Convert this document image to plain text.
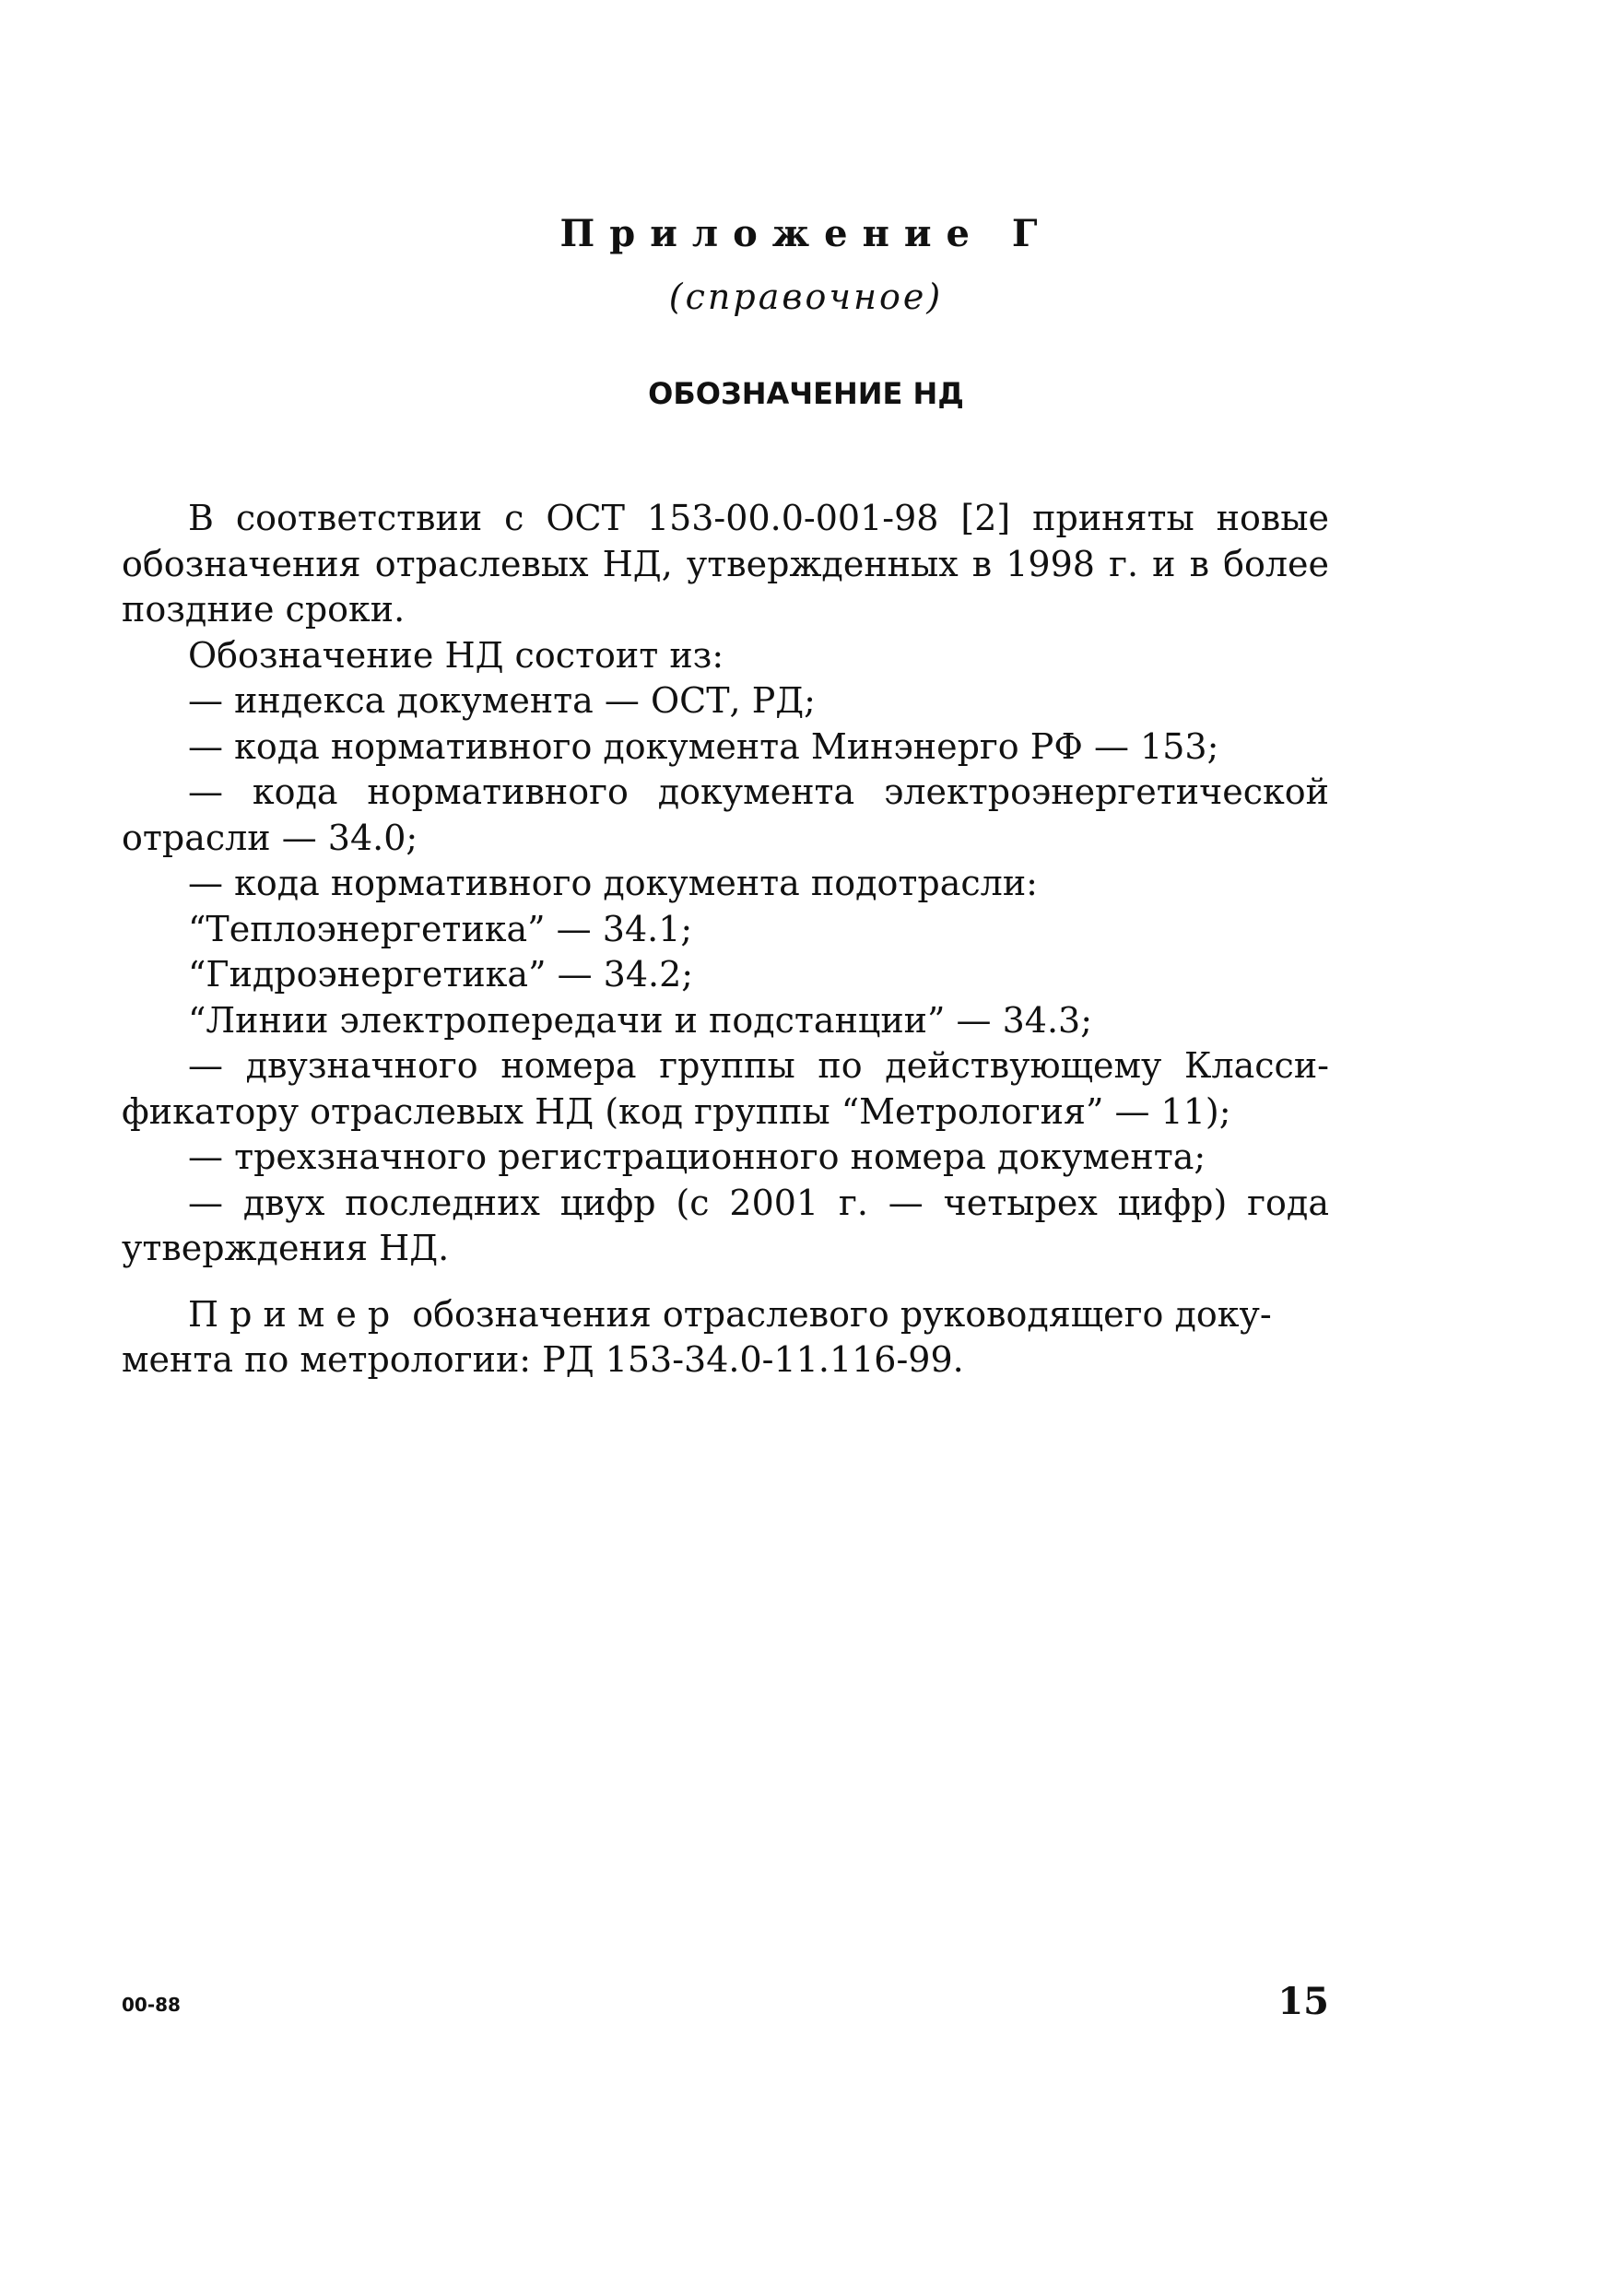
Приложение Г
(справочное)
ОБОЗНАЧЕНИЕ НД
В соответствии с ОСТ 153-00.0-001-98 [2] приняты новые
обозначения отраслевых НД, утвержденных в 1998 г. и в более
поздние сроки.
Обозначение НД состоит из:
— индекса документа — ОСТ, РД;
— кода нормативного документа Минэнерго РФ — 153;
— кода нормативного документа электроэнергетической
отрасли — 34.0;
— кода нормативного документа подотрасли:
“Теплоэнергетика” — 34.1;
“Гидроэнергетика” — 34.2;
“Линии электропередачи и подстанции” — 34.3;
— двузначного номера группы по действующему Класси-
фикатору отраслевых НД (код группы “Метрология” — 11);
— трехзначного регистрационного номера документа;
— двух последних цифр (с 2001 г. — четырех цифр) года
утверждения НД.
Пример обозначения отраслевого руководящего доку-
мента по метрологии: РД 153-34.0-11.116-99.
00-88	15
